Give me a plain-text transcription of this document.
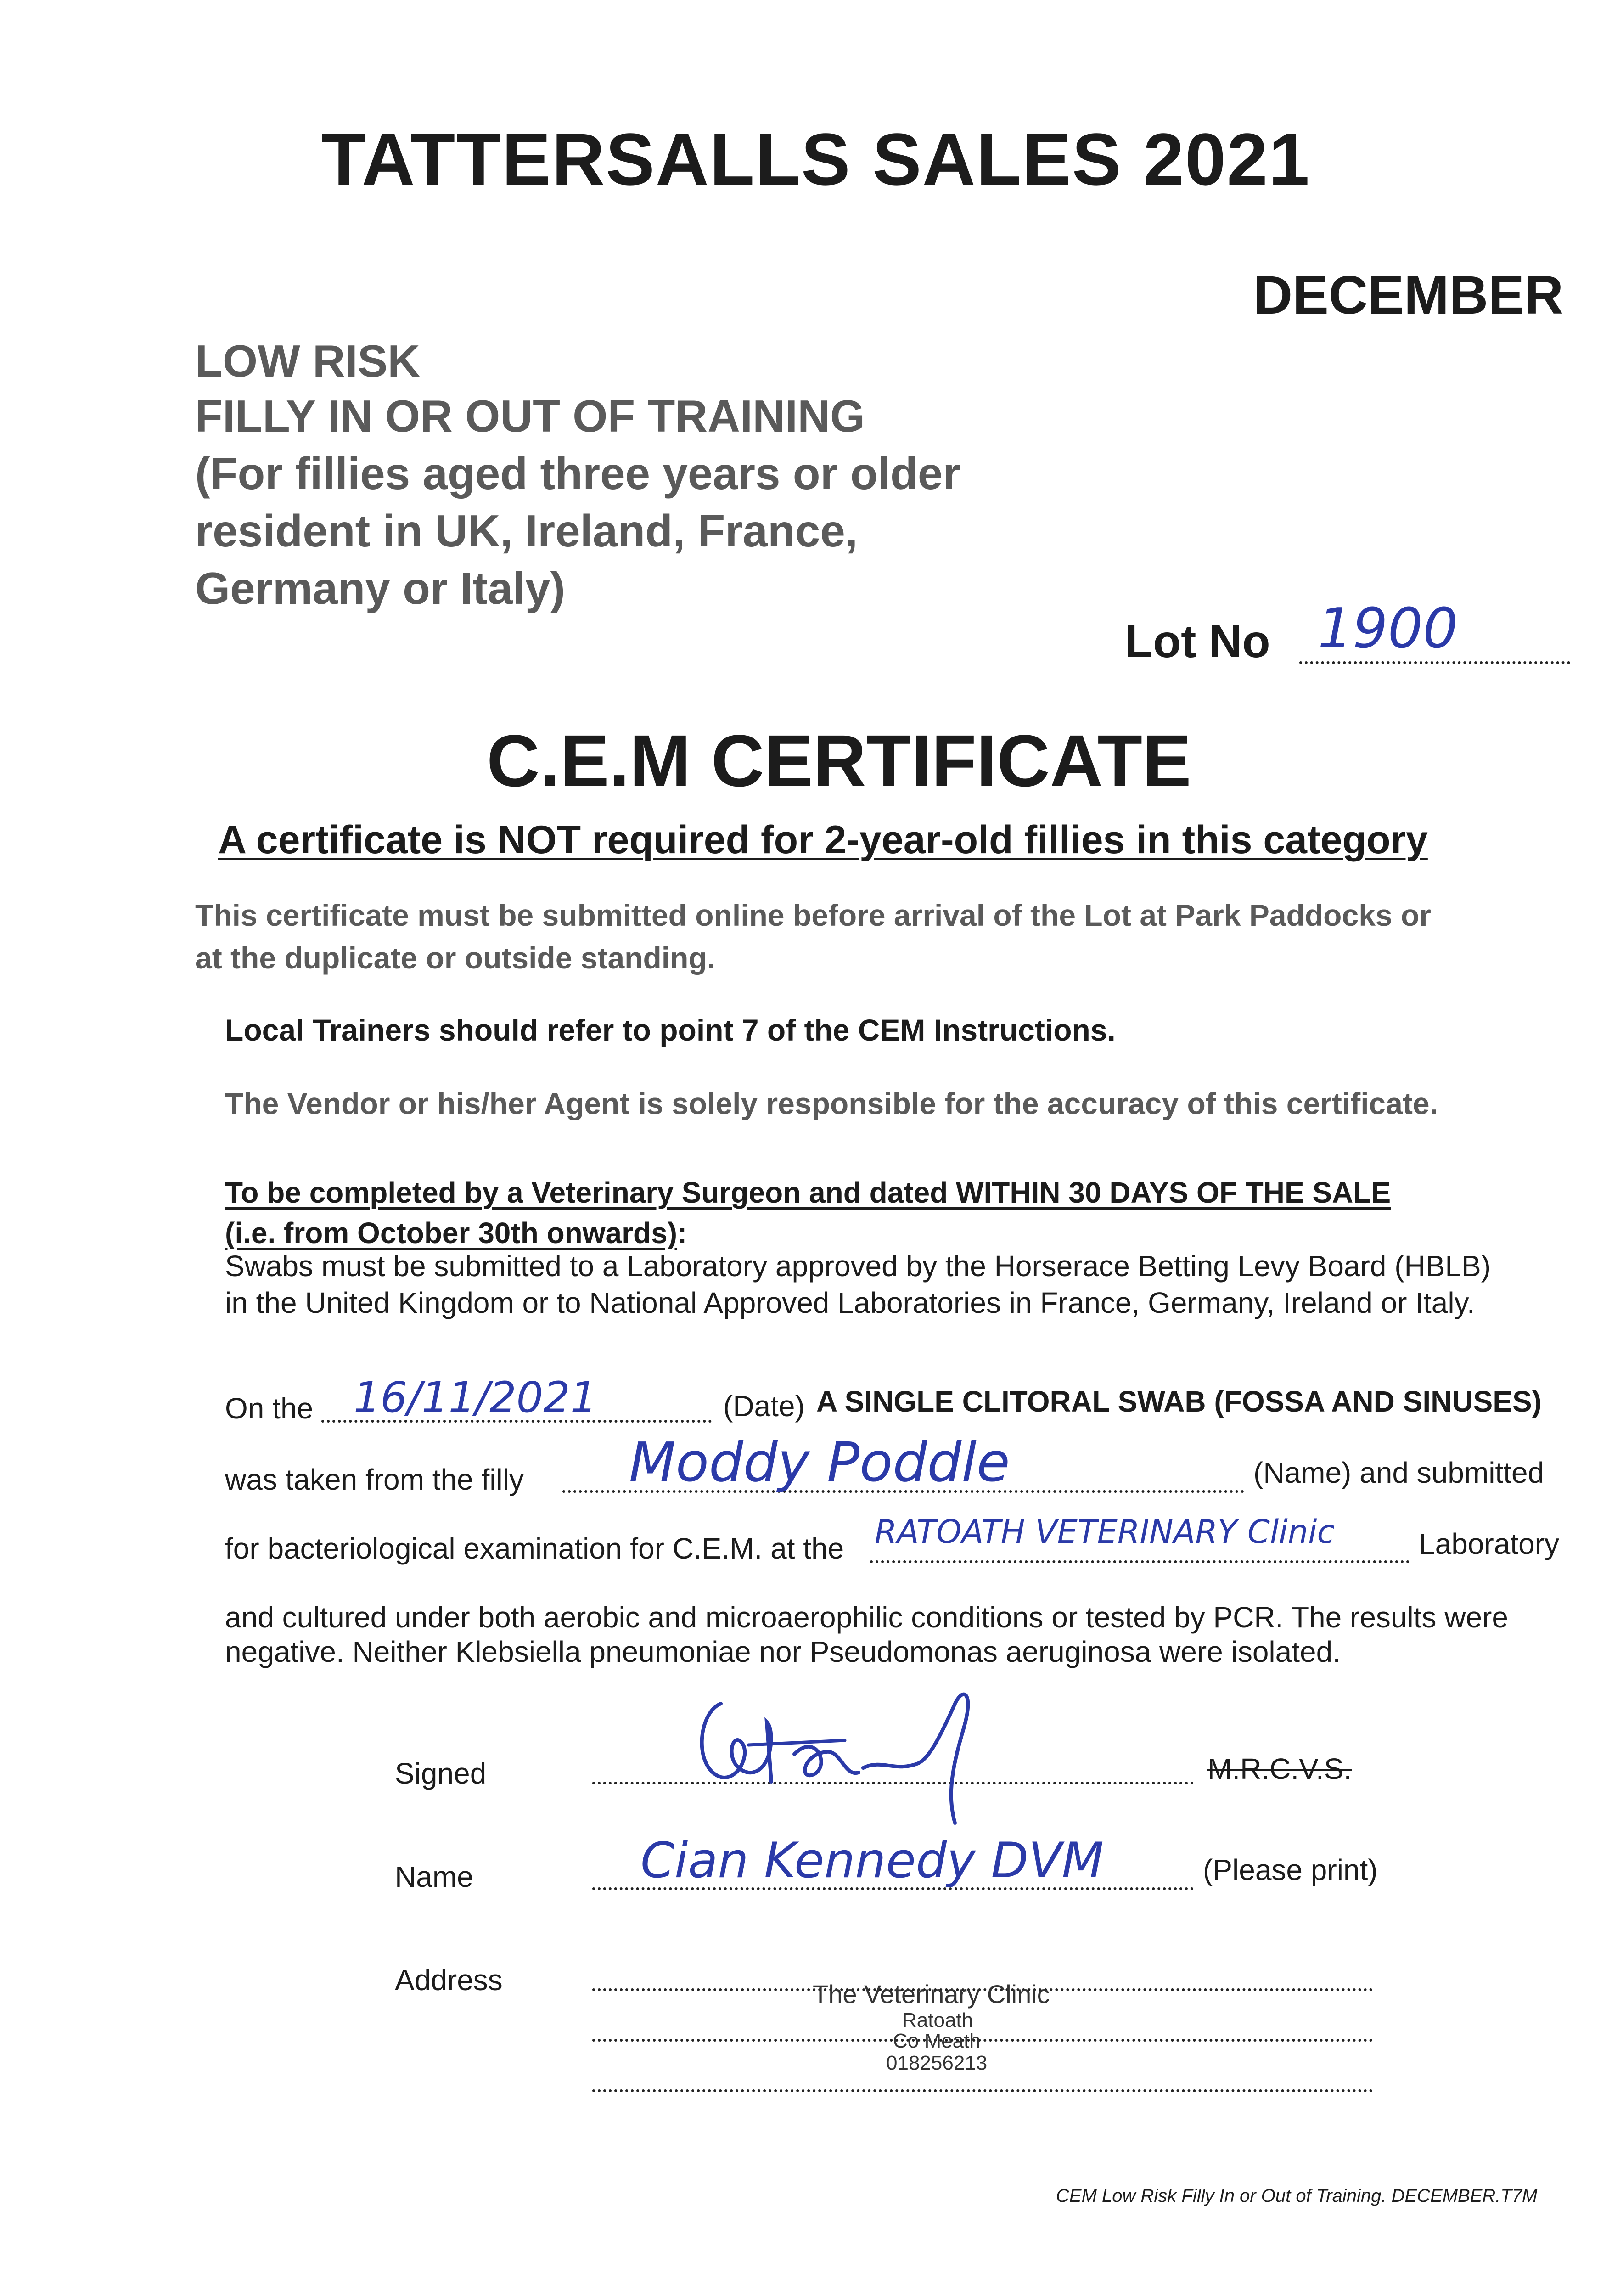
TATTERSALLS SALES 2021
DECEMBER
LOW RISK
FILLY IN OR OUT OF TRAINING
(For fillies aged three years or older
resident in UK, Ireland, France,
Germany or Italy)
Lot No 1900
C.E.M CERTIFICATE
A certificate is NOT required for 2-year-old fillies in this category
This certificate must be submitted online before arrival of the Lot at Park Paddocks or
at the duplicate or outside standing.
Local Trainers should refer to point 7 of the CEM Instructions.
The Vendor or his/her Agent is solely responsible for the accuracy of this certificate.
To be completed by a Veterinary Surgeon and dated WITHIN 30 DAYS OF THE SALE
(i.e. from October 30th onwards):
Swabs must be submitted to a Laboratory approved by the Horserace Betting Levy Board (HBLB)
in the United Kingdom or to National Approved Laboratories in France, Germany, Ireland or Italy.
On the 16/11/2021	(Date) A SINGLE CLITORAL SWAB (FOSSA AND SINUSES)
was taken from the filly Moddy Poddle	(Name) and submitted
for bacteriological examination for C.E.M. at the RATOATH VETERINARY Clinic	Laboratory
and cultured under both aerobic and microaerophilic conditions or tested by PCR. The results were
negative. Neither Klebsiella pneumoniae nor Pseudomonas aeruginosa were isolated.
Signed	M.R.C.V.S.
Name	Cian Kennedy DVM	(Please print)
Address	The Veterinary Clinic
Ratoath
Co Meath
018256213
CEM Low Risk Filly In or Out of Training. DECEMBER.T7M
